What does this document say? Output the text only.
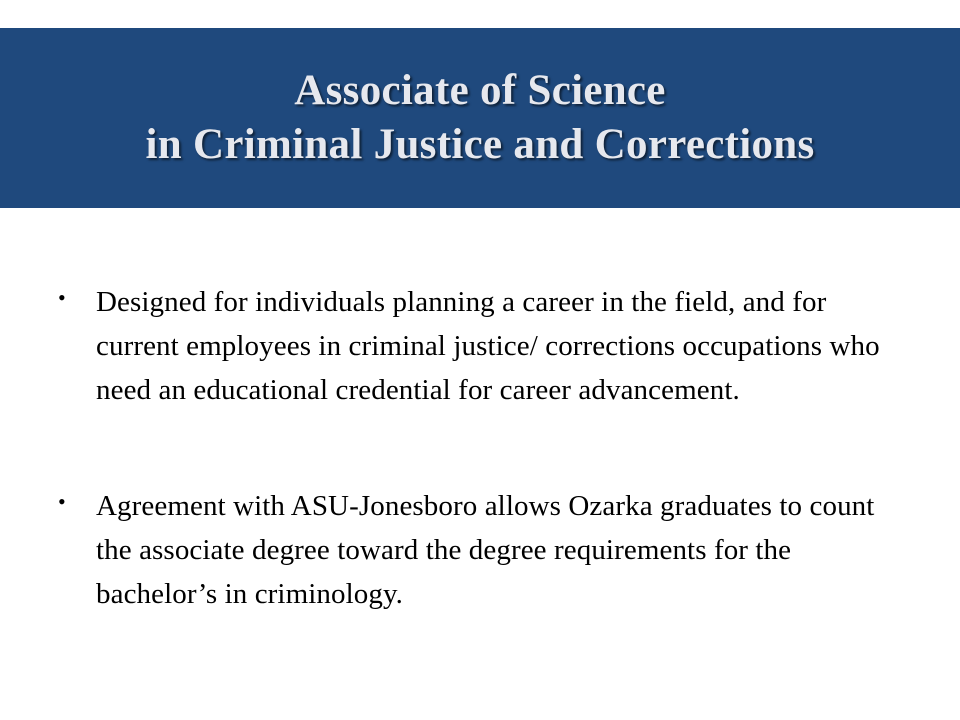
Associate of Science
in Criminal Justice and Corrections
• Designed for individuals planning a career in the field, and for current employees in criminal justice/ corrections occupations who need an educational credential for career advancement.
• Agreement with ASU-Jonesboro allows Ozarka graduates to count the associate degree toward the degree requirements for the bachelor’s in criminology.
